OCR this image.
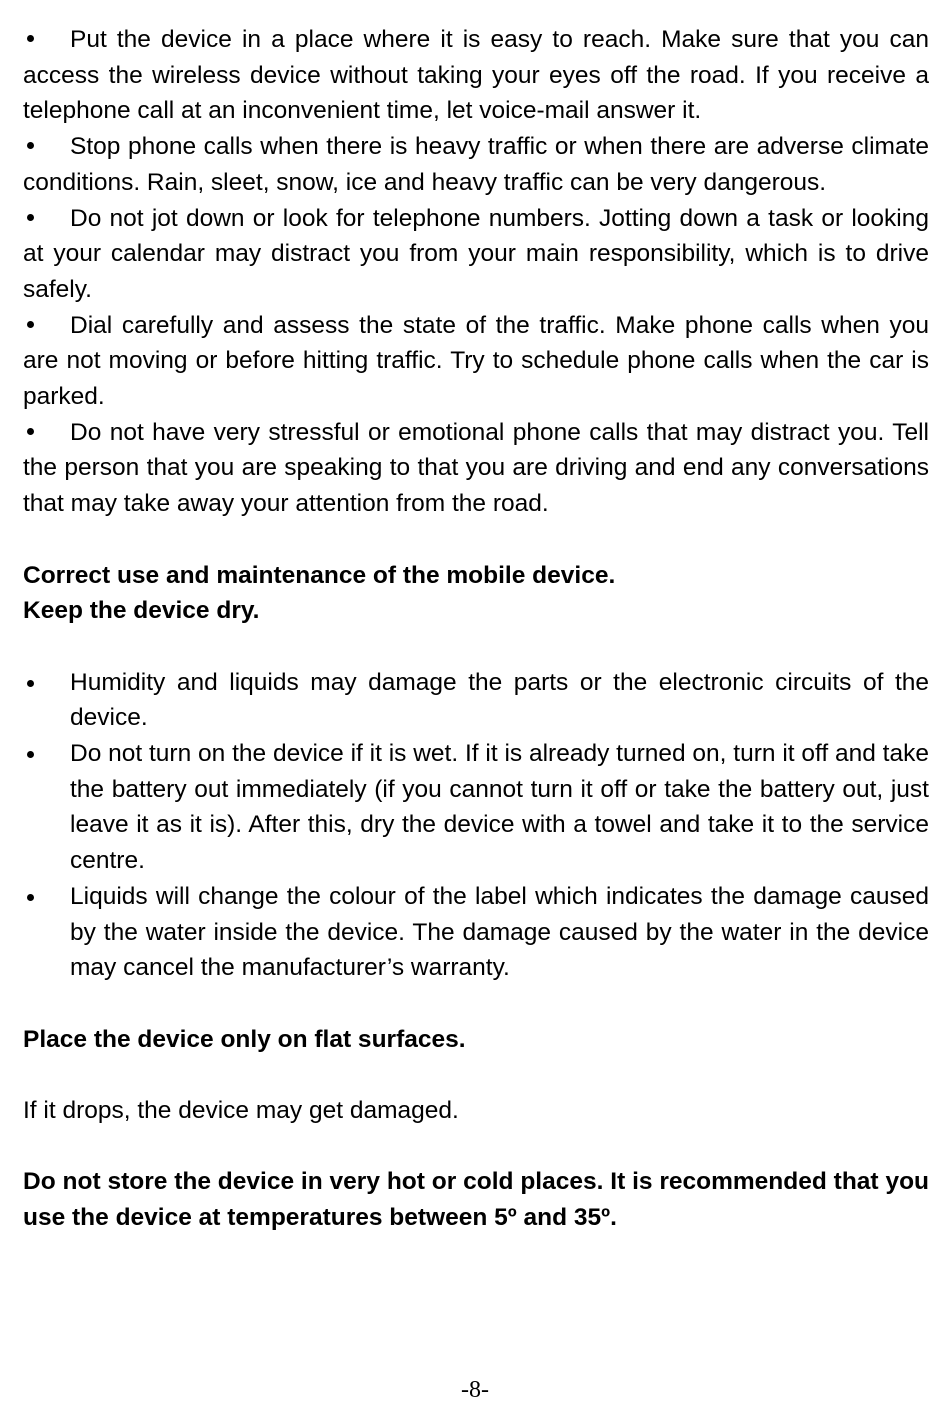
Put the device in a place where it is easy to reach. Make sure that you can access the wireless device without taking your eyes off the road. If you receive a telephone call at an inconvenient time, let voice-mail answer it.

Stop phone calls when there is heavy traffic or when there are adverse climate conditions. Rain, sleet, snow, ice and heavy traffic can be very dangerous.

Do not jot down or look for telephone numbers. Jotting down a task or looking at your calendar may distract you from your main responsibility, which is to drive safely.

Dial carefully and assess the state of the traffic. Make phone calls when you are not moving or before hitting traffic. Try to schedule phone calls when the car is parked.

Do not have very stressful or emotional phone calls that may distract you. Tell the person that you are speaking to that you are driving and end any conversations that may take away your attention from the road.

Correct use and maintenance of the mobile device.

Keep the device dry.

Humidity and liquids may damage the parts or the electronic circuits of the device.
Do not turn on the device if it is wet. If it is already turned on, turn it off and take the battery out immediately (if you cannot turn it off or take the battery out, just leave it as it is). After this, dry the device with a towel and take it to the service centre.
Liquids will change the colour of the label which indicates the damage caused by the water inside the device. The damage caused by the water in the device may cancel the manufacturer’s warranty.

Place the device only on flat surfaces.

If it drops, the device may get damaged.

Do not store the device in very hot or cold places. It is recommended that you use the device at temperatures between 5º and 35º.

-8-
